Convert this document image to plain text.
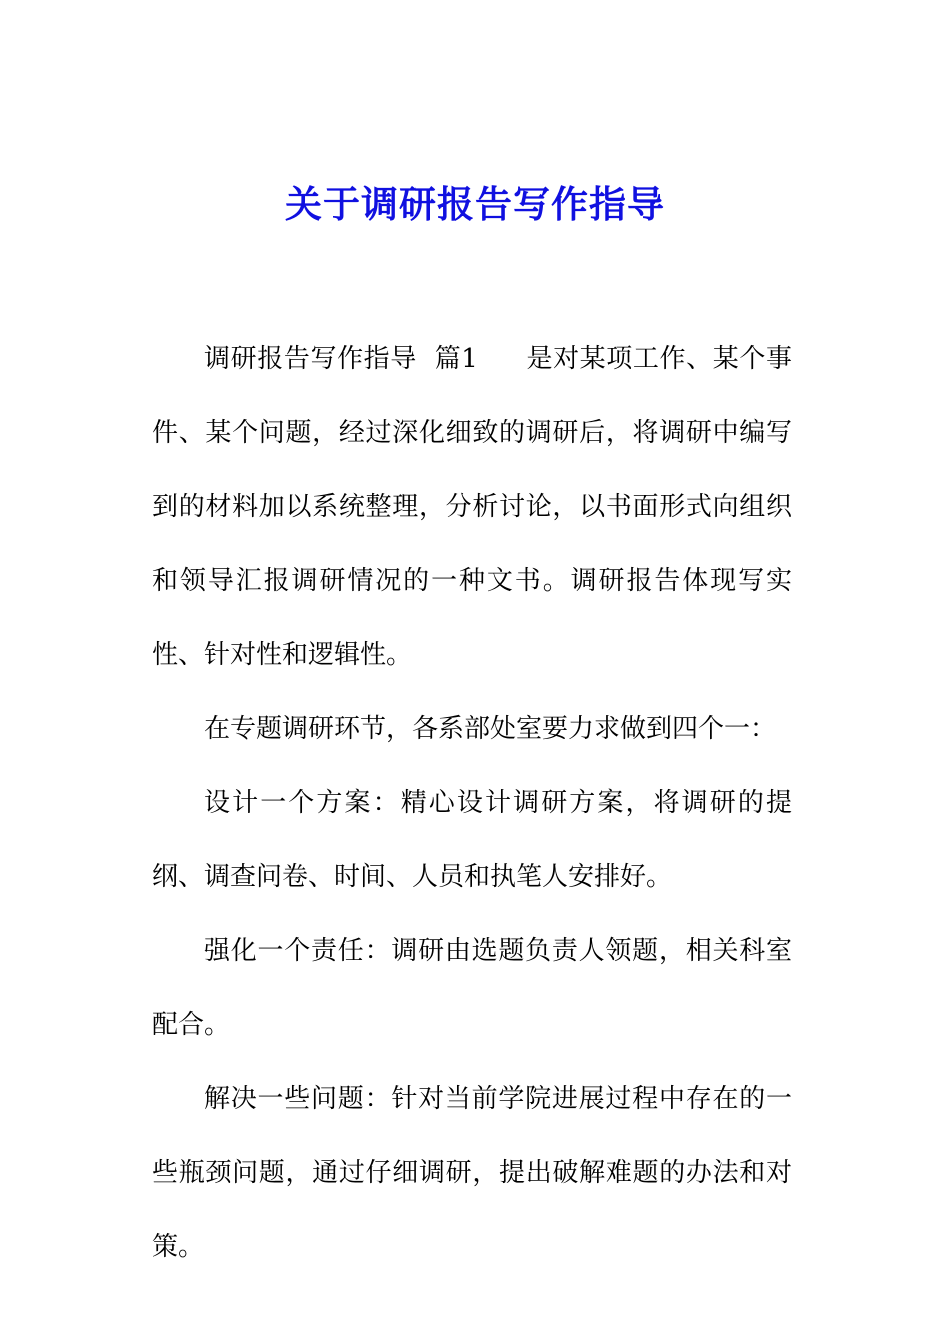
关于调研报告写作指导

调研报告写作指导 篇1 是对某项工作、某个事件、某个问题，经过深化细致的调研后，将调研中编写到的材料加以系统整理，分析讨论，以书面形式向组织和领导汇报调研情况的一种文书。调研报告体现写实性、针对性和逻辑性。

在专题调研环节，各系部处室要力求做到四个一：

设计一个方案：精心设计调研方案，将调研的提纲、调查问卷、时间、人员和执笔人安排好。

强化一个责任：调研由选题负责人领题，相关科室配合。

解决一些问题：针对当前学院进展过程中存在的一些瓶颈问题，通过仔细调研，提出破解难题的办法和对策。
